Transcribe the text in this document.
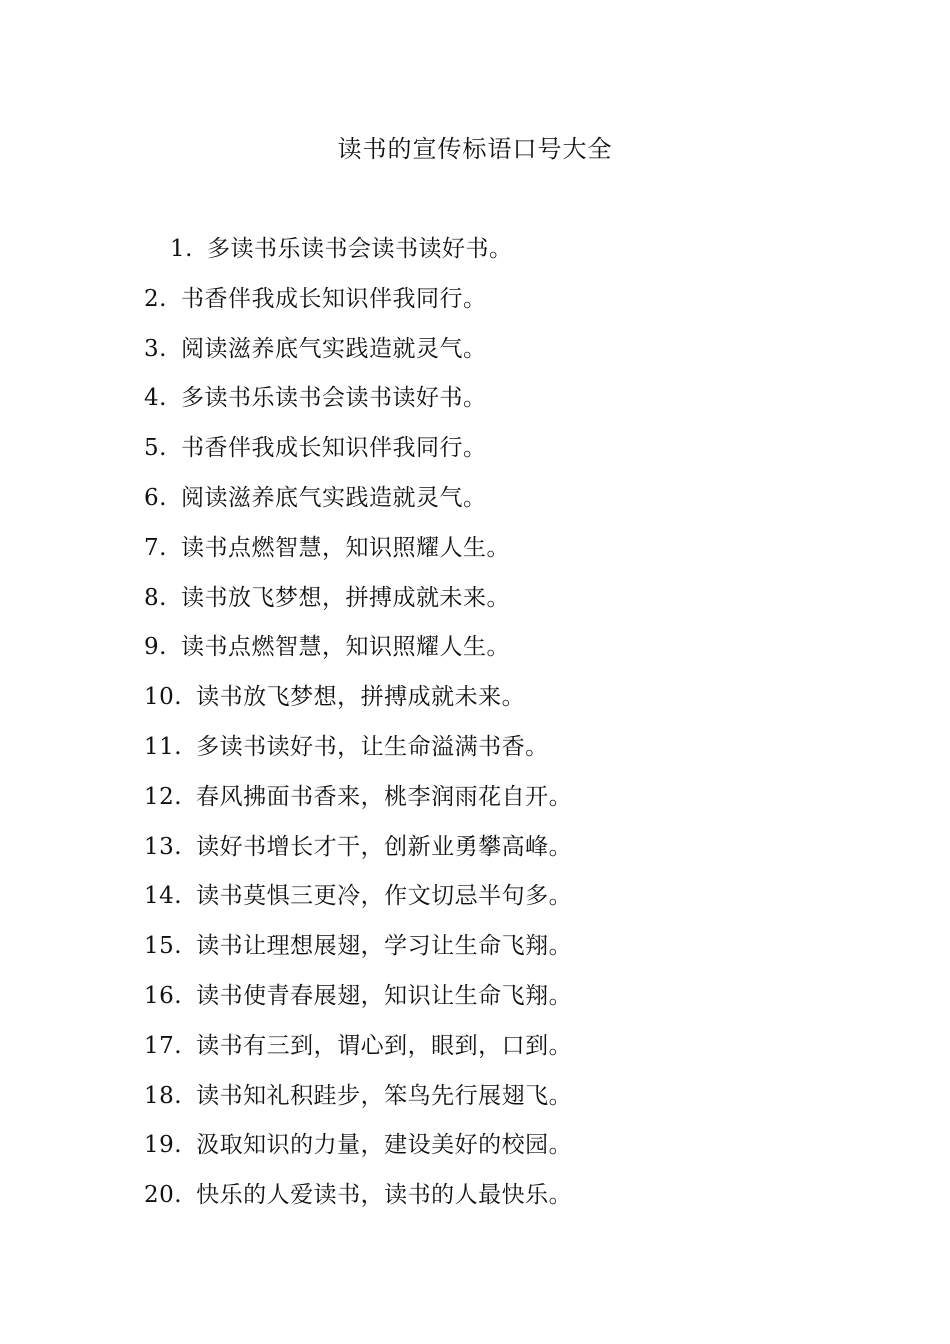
读书的宣传标语口号大全
1. 多读书乐读书会读书读好书。
2. 书香伴我成长知识伴我同行。
3. 阅读滋养底气实践造就灵气。
4. 多读书乐读书会读书读好书。
5. 书香伴我成长知识伴我同行。
6. 阅读滋养底气实践造就灵气。
7. 读书点燃智慧，知识照耀人生。
8. 读书放飞梦想，拼搏成就未来。
9. 读书点燃智慧，知识照耀人生。
10. 读书放飞梦想，拼搏成就未来。
11. 多读书读好书，让生命溢满书香。
12. 春风拂面书香来，桃李润雨花自开。
13. 读好书增长才干，创新业勇攀高峰。
14. 读书莫惧三更冷，作文切忌半句多。
15. 读书让理想展翅，学习让生命飞翔。
16. 读书使青春展翅，知识让生命飞翔。
17. 读书有三到，谓心到，眼到，口到。
18. 读书知礼积跬步，笨鸟先行展翅飞。
19. 汲取知识的力量，建设美好的校园。
20. 快乐的人爱读书，读书的人最快乐。
